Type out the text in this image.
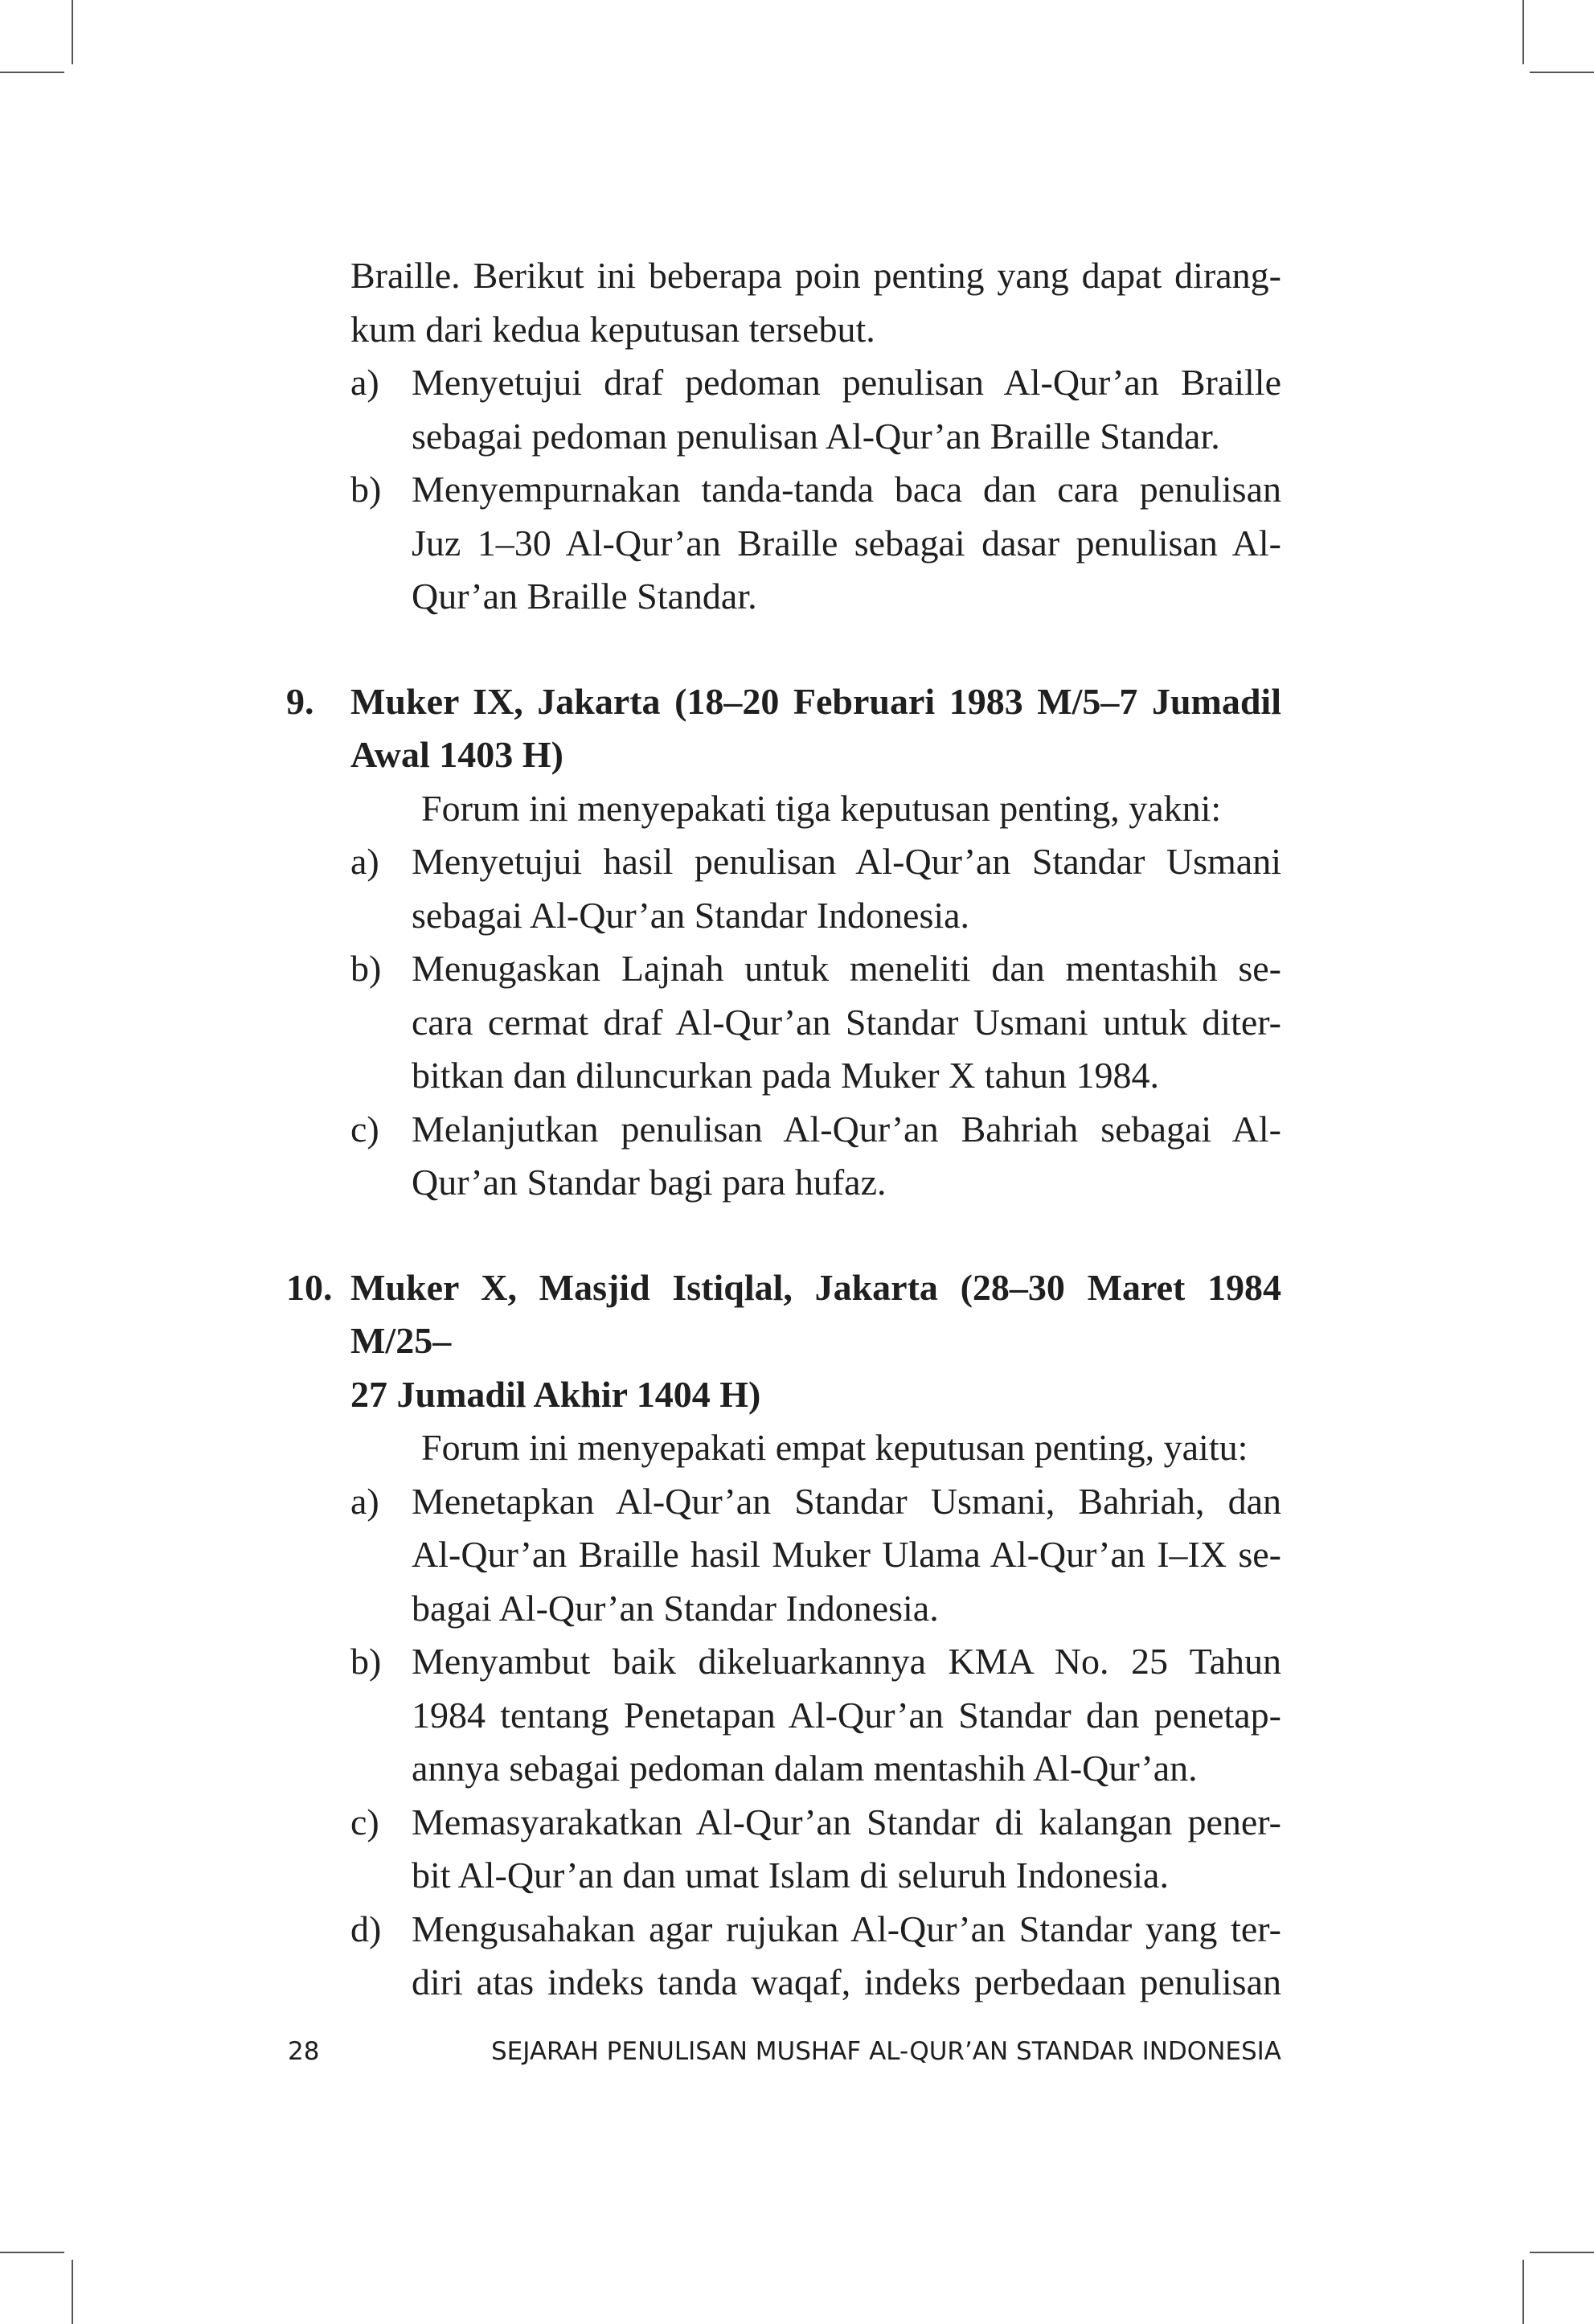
Braille. Berikut ini beberapa poin penting yang dapat dirang-
kum dari kedua keputusan tersebut.
a) Menyetujui draf pedoman penulisan Al-Qur’an Braille
sebagai pedoman penulisan Al-Qur’an Braille Standar.
b) Menyempurnakan tanda-tanda baca dan cara penulisan
Juz 1–30 Al-Qur’an Braille sebagai dasar penulisan Al-
Qur’an Braille Standar.
9. Muker IX, Jakarta (18–20 Februari 1983 M/5–7 Jumadil
Awal 1403 H)
Forum ini menyepakati tiga keputusan penting, yakni:
a) Menyetujui hasil penulisan Al-Qur’an Standar Usmani
sebagai Al-Qur’an Standar Indonesia.
b) Menugaskan Lajnah untuk meneliti dan mentashih se-
cara cermat draf Al-Qur’an Standar Usmani untuk diter-
bitkan dan diluncurkan pada Muker X tahun 1984.
c) Melanjutkan penulisan Al-Qur’an Bahriah sebagai Al-
Qur’an Standar bagi para hufaz.
10. Muker X, Masjid Istiqlal, Jakarta (28–30 Maret 1984 M/25–
27 Jumadil Akhir 1404 H)
Forum ini menyepakati empat keputusan penting, yaitu:
a) Menetapkan Al-Qur’an Standar Usmani, Bahriah, dan
Al-Qur’an Braille hasil Muker Ulama Al-Qur’an I–IX se-
bagai Al-Qur’an Standar Indonesia.
b) Menyambut baik dikeluarkannya KMA No. 25 Tahun
1984 tentang Penetapan Al-Qur’an Standar dan penetap-
annya sebagai pedoman dalam mentashih Al-Qur’an.
c) Memasyarakatkan Al-Qur’an Standar di kalangan pener-
bit Al-Qur’an dan umat Islam di seluruh Indonesia.
d) Mengusahakan agar rujukan Al-Qur’an Standar yang ter-
diri atas indeks tanda waqaf, indeks perbedaan penulisan
28	SEJARAH PENULISAN MUSHAF AL-QUR’AN STANDAR INDONESIA
